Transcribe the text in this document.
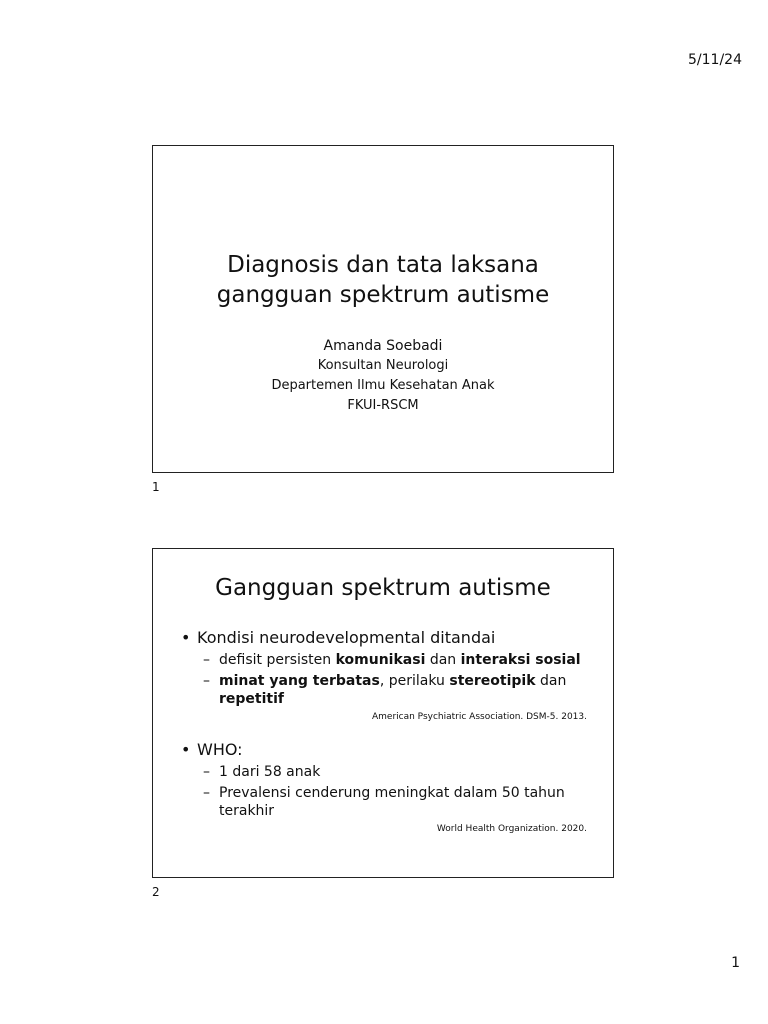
5/11/24
Diagnosis dan tata laksana
gangguan spektrum autisme
Amanda Soebadi
Konsultan Neurologi
Departemen Ilmu Kesehatan Anak
FKUI-RSCM
1
Gangguan spektrum autisme
• Kondisi neurodevelopmental ditandai
– defisit persisten komunikasi dan interaksi sosial
– minat yang terbatas, perilaku stereotipik dan repetitif
American Psychiatric Association. DSM-5. 2013.
• WHO:
– 1 dari 58 anak
– Prevalensi cenderung meningkat dalam 50 tahun terakhir
World Health Organization. 2020.
2
1
